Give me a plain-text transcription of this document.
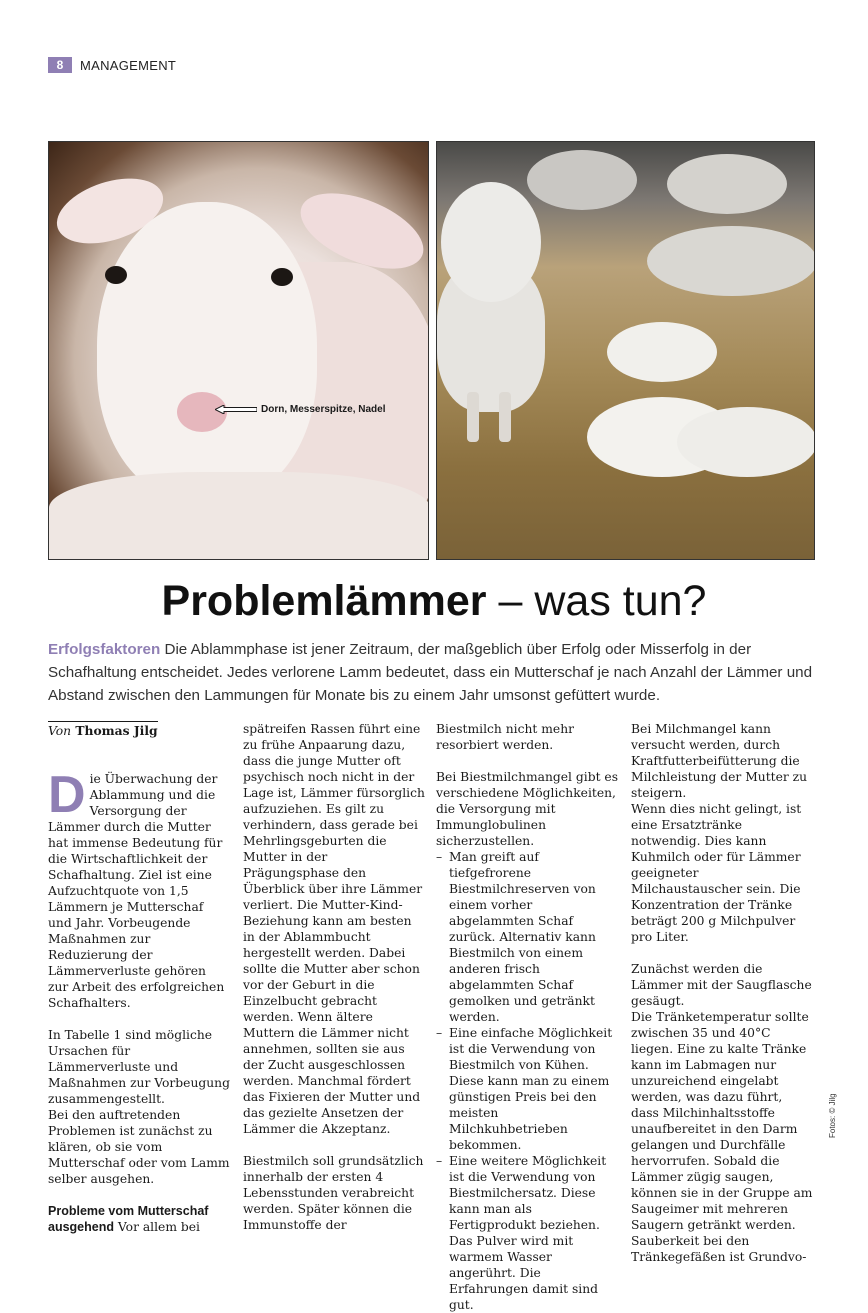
8	MANAGEMENT
Dorn, Messerspitze, Nadel
Fotos: © Jilg
Problemlämmer – was tun?
Erfolgsfaktoren Die Ablammphase ist jener Zeitraum, der maßgeblich über Erfolg oder Misserfolg in der Schafhaltung entscheidet. Jedes verlorene Lamm bedeutet, dass ein Mutterschaf je nach Anzahl der Lämmer und Abstand zwischen den Lammungen für Monate bis zu einem Jahr umsonst gefüttert wurde.
Von Thomas Jilg

Die Überwachung der Ablammung und die Versorgung der Lämmer durch die Mutter hat immense Bedeutung für die Wirtschaftlichkeit der Schafhaltung. Ziel ist eine Aufzuchtquote von 1,5 Lämmern je Mutterschaf und Jahr. Vorbeugende Maßnahmen zur Reduzierung der Lämmerverluste gehören zur Arbeit des erfolgreichen Schafhalters.

In Tabelle 1 sind mögliche Ursachen für Lämmerverluste und Maßnahmen zur Vorbeugung zusammengestellt.

Bei den auftretenden Problemen ist zunächst zu klären, ob sie vom Mutterschaf oder vom Lamm selber ausgehen.

Probleme vom Mutterschaf ausgehend Vor allem bei

spätreifen Rassen führt eine zu frühe Anpaarung dazu, dass die junge Mutter oft psychisch noch nicht in der Lage ist, Lämmer fürsorglich aufzuziehen. Es gilt zu verhindern, dass gerade bei Mehrlingsgeburten die Mutter in der Prägungsphase den Überblick über ihre Lämmer verliert. Die Mutter-Kind-Beziehung kann am besten in der Ablammbucht hergestellt werden. Dabei sollte die Mutter aber schon vor der Geburt in die Einzelbucht gebracht werden. Wenn ältere Muttern die Lämmer nicht annehmen, sollten sie aus der Zucht ausgeschlossen werden. Manchmal fördert das Fixieren der Mutter und das gezielte Ansetzen der Lämmer die Akzeptanz.

Biestmilch soll grundsätzlich innerhalb der ersten 4 Lebensstunden verabreicht werden. Später können die Immunstoffe der

Biestmilch nicht mehr resorbiert werden.

Bei Biestmilchmangel gibt es verschiedene Möglichkeiten, die Versorgung mit Immunglobulinen sicherzustellen.

– Man greift auf tiefgefrorene Biestmilchreserven von einem vorher abgelammten Schaf zurück. Alternativ kann Biestmilch von einem anderen frisch abgelammten Schaf gemolken und getränkt werden.

– Eine einfache Möglichkeit ist die Verwendung von Biestmilch von Kühen. Diese kann man zu einem günstigen Preis bei den meisten Milchkuhbetrieben bekommen.

– Eine weitere Möglichkeit ist die Verwendung von Biestmilchersatz. Diese kann man als Fertigprodukt beziehen. Das Pulver wird mit warmem Wasser angerührt. Die Erfahrungen damit sind gut.

Bei Milchmangel kann versucht werden, durch Kraftfutterbeifütterung die Milchleistung der Mutter zu steigern.

Wenn dies nicht gelingt, ist eine Ersatztränke notwendig. Dies kann Kuhmilch oder für Lämmer geeigneter Milchaustauscher sein. Die Konzentration der Tränke beträgt 200 g Milchpulver pro Liter.

Zunächst werden die Lämmer mit der Saugflasche gesäugt.

Die Tränketemperatur sollte zwischen 35 und 40°C liegen. Eine zu kalte Tränke kann im Labmagen nur unzureichend eingelabt werden, was dazu führt, dass Milchinhaltsstoffe unaufbereitet in den Darm gelangen und Durchfälle hervorrufen. Sobald die Lämmer zügig saugen, können sie in der Gruppe am Saugeimer mit mehreren Saugern getränkt werden. Sauberkeit bei den Tränkegefäßen ist Grundvo-
